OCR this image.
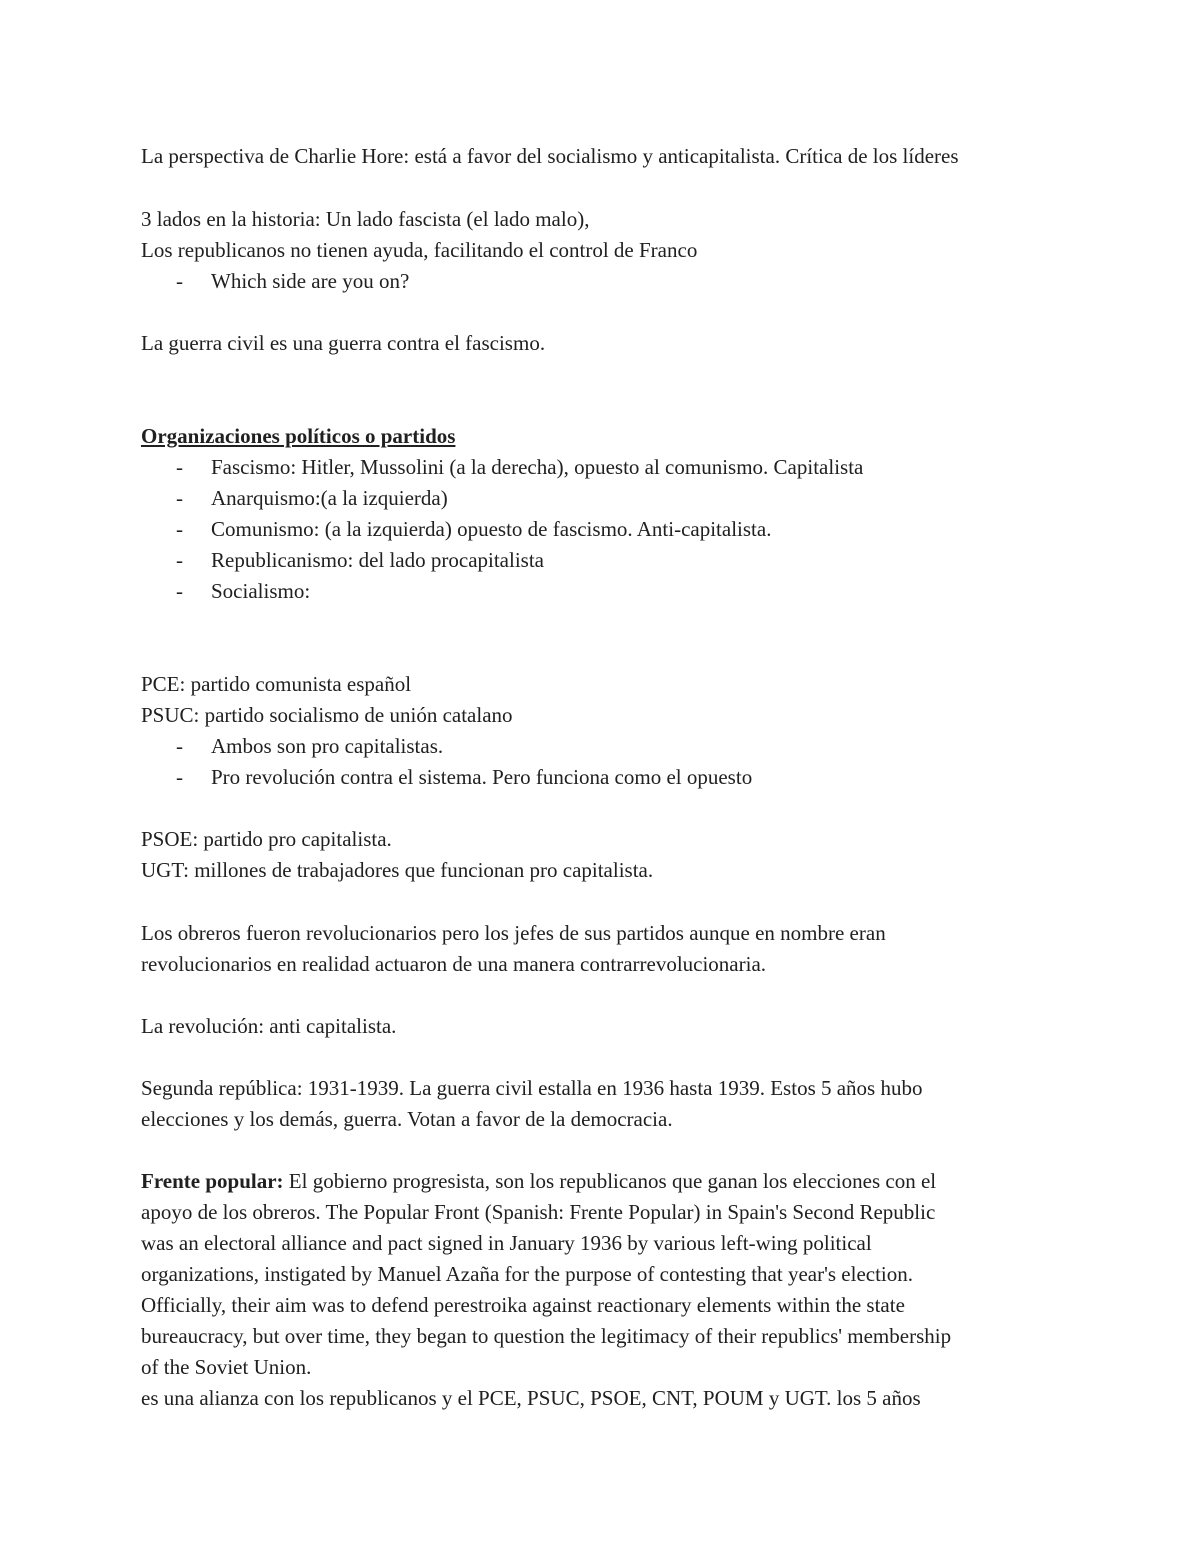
La perspectiva de Charlie Hore: está a favor del socialismo y anticapitalista. Crítica de los líderes
3 lados en la historia: Un lado fascista (el lado malo),
Los republicanos no tienen ayuda, facilitando el control de Franco
- Which side are you on?
La guerra civil es una guerra contra el fascismo.
Organizaciones políticos o partidos
- Fascismo: Hitler, Mussolini (a la derecha), opuesto al comunismo. Capitalista
- Anarquismo:(a la izquierda)
- Comunismo: (a la izquierda) opuesto de fascismo. Anti-capitalista.
- Republicanismo: del lado procapitalista
- Socialismo:
PCE: partido comunista español
PSUC: partido socialismo de unión catalano
- Ambos son pro capitalistas.
- Pro revolución contra el sistema. Pero funciona como el opuesto
PSOE: partido pro capitalista.
UGT: millones de trabajadores que funcionan pro capitalista.
Los obreros fueron revolucionarios pero los jefes de sus partidos aunque en nombre eran
revolucionarios en realidad actuaron de una manera contrarrevolucionaria.
La revolución: anti capitalista.
Segunda república: 1931-1939. La guerra civil estalla en 1936 hasta 1939. Estos 5 años hubo
elecciones y los demás, guerra. Votan a favor de la democracia.
Frente popular: El gobierno progresista, son los republicanos que ganan los elecciones con el
apoyo de los obreros. The Popular Front (Spanish: Frente Popular) in Spain's Second Republic
was an electoral alliance and pact signed in January 1936 by various left-wing political
organizations, instigated by Manuel Azaña for the purpose of contesting that year's election.
Officially, their aim was to defend perestroika against reactionary elements within the state
bureaucracy, but over time, they began to question the legitimacy of their republics' membership
of the Soviet Union.
es una alianza con los republicanos y el PCE, PSUC, PSOE, CNT, POUM y UGT. los 5 años
